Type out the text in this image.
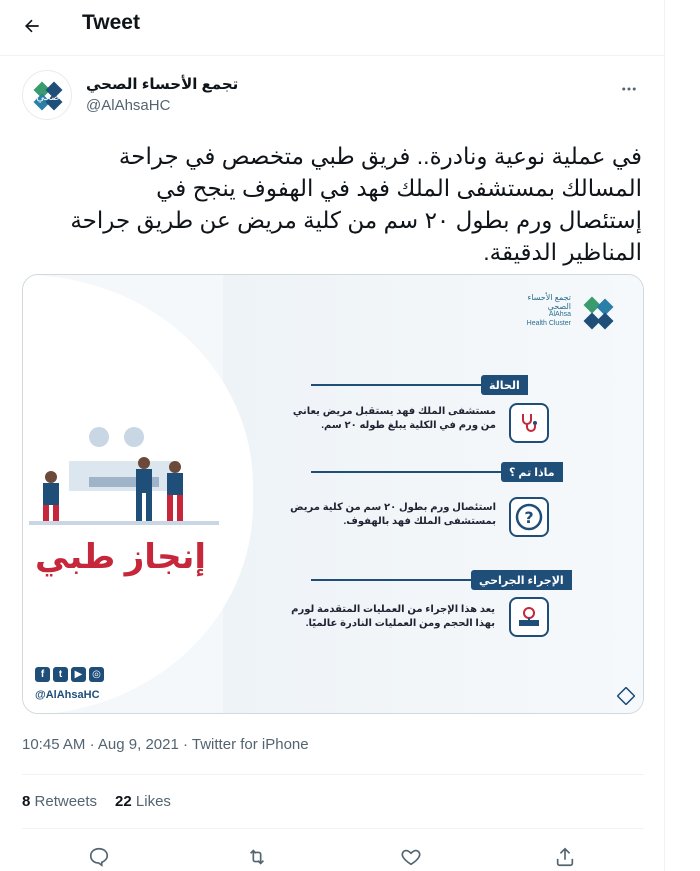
Tweet
صحي
تجمع الأحساء الصحي
@AlAhsaHC
في عملية نوعية ونادرة.. فريق طبي متخصص في جراحة
المسالك بمستشفى الملك فهد في الهفوف ينجح في
إستئصال ورم بطول ٢٠ سم من كلية مريض عن طريق جراحة
المناظير الدقيقة.
إنجاز طبي
f	t	▶ ◎
@AlAhsaHC
تجمع الأحساء الصحي
AlAhsa
Health Cluster
الحالة
مستشفى الملك فهد يستقبل مريض يعاني من ورم في الكلية يبلغ طوله ٢٠ سم.
ماذا تم ؟
استئصال ورم بطول ٢٠ سم من كلية مريض بمستشفى الملك فهد بالهفوف. ?
الإجراء الجراحي
يعد هذا الإجراء من العمليات المتقدمة لورم بهذا الحجم ومن العمليات النادرة عالميًا.
10:45 AM · Aug 9, 2021 · Twitter for iPhone
8 Retweets 22 Likes
